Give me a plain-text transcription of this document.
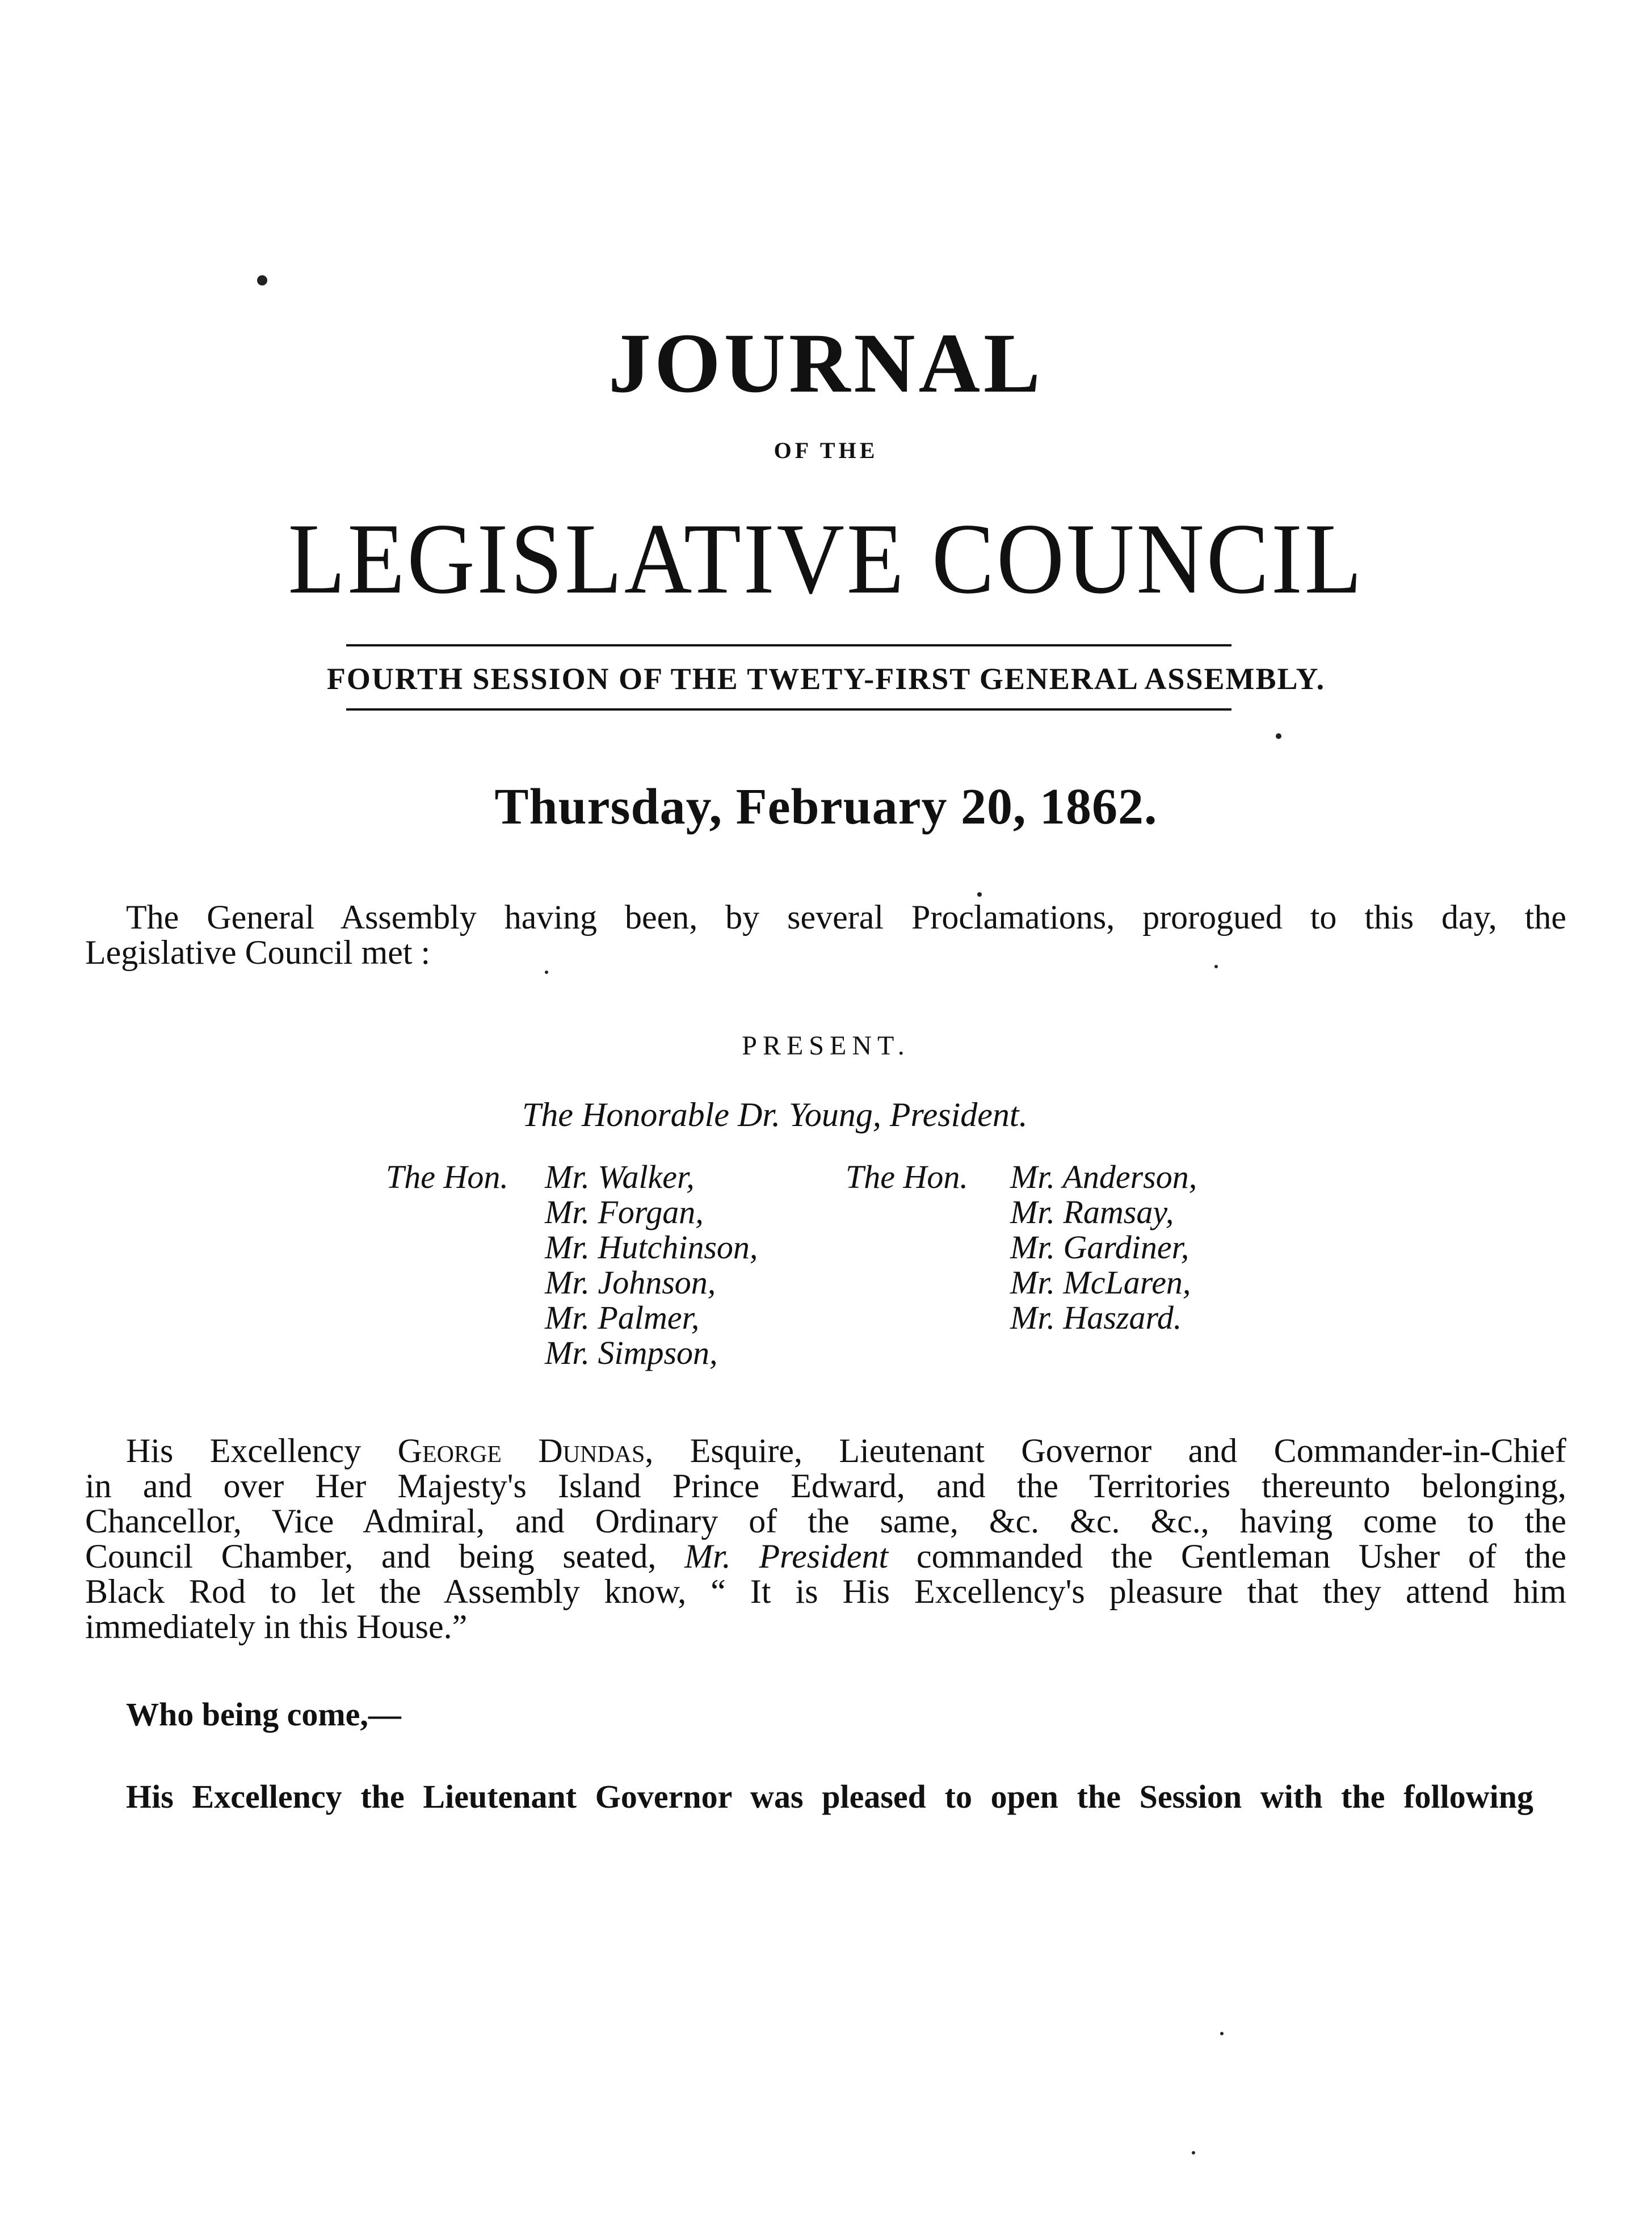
JOURNAL
OF THE
LEGISLATIVE COUNCIL
FOURTH SESSION OF THE TWETY-FIRST GENERAL ASSEMBLY.
Thursday, February 20, 1862.
The General Assembly having been, by several Proclamations, prorogued to this day, the
Legislative Council met :
PRESENT.
The Honorable Dr. Young, President.
The Hon. Mr. Walker,
Mr. Forgan,
Mr. Hutchinson,
Mr. Johnson,
Mr. Palmer,
Mr. Simpson,
The Hon. Mr. Anderson,
Mr. Ramsay,
Mr. Gardiner,
Mr. McLaren,
Mr. Haszard.
His Excellency George Dundas, Esquire, Lieutenant Governor and Commander-in-Chief
in and over Her Majesty's Island Prince Edward, and the Territories thereunto belonging,
Chancellor, Vice Admiral, and Ordinary of the same, &c. &c. &c., having come to the
Council Chamber, and being seated, Mr. President commanded the Gentleman Usher of the
Black Rod to let the Assembly know, “ It is His Excellency's pleasure that they attend him
immediately in this House.”
Who being come,—
His Excellency the Lieutenant Governor was pleased to open the Session with the following
